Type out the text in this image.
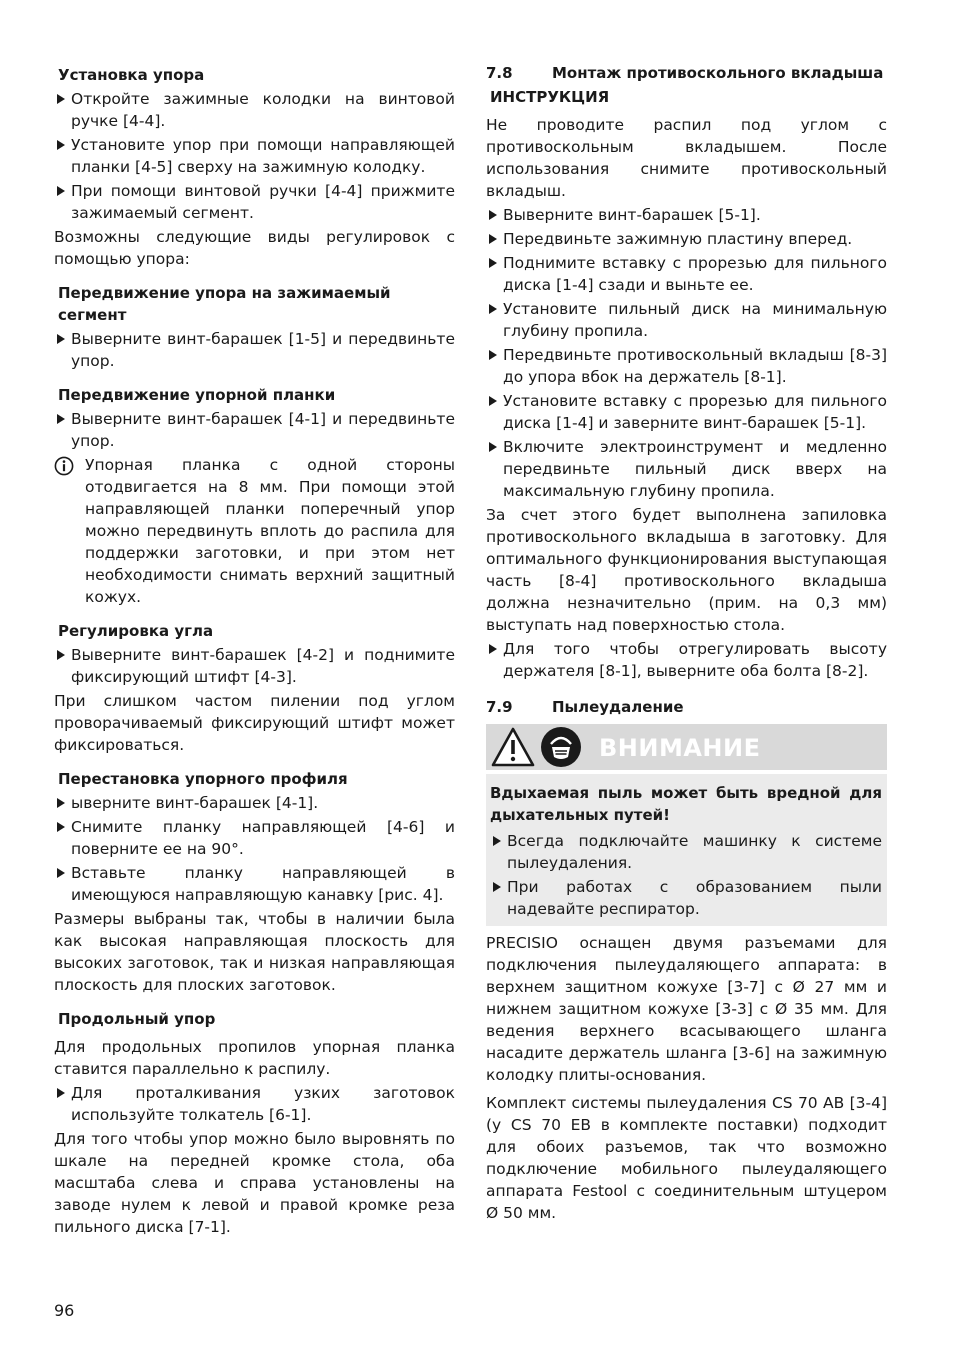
Установка упора

Откройте зажимные колодки на винтовой ручке [4-4].
Установите упор при помощи направляющей планки [4-5] сверху на зажимную колодку.
При помощи винтовой ручки [4-4] прижмите зажимаемый сегмент.

Возможны следующие виды регулировок с помощью упора:

Передвижение упора на зажимаемый сегмент

Выверните винт-барашек [1-5] и передвиньте упор.

Передвижение упорной планки

Выверните винт-барашек [4-1] и передвиньте упор.
Упорная планка с одной стороны отодвигается на 8 мм. При помощи этой направляющей планки поперечный упор можно передвинуть вплоть до распила для поддержки заготовки, и при этом нет необходимости снимать верхний защитный кожух.

Регулировка угла

Выверните винт-барашек [4-2] и поднимите фиксирующий штифт [4-3].

При слишком частом пилении под углом проворачиваемый фиксирующий штифт может фиксироваться.

Перестановка упорного профиля

ыверните винт-барашек [4-1].
Снимите планку направляющей [4-6] и поверните ее на 90°.
Вставьте планку направляющей в имеющуюся направляющую канавку [рис. 4].

Размеры выбраны так, чтобы в наличии была как высокая направляющая плоскость для высоких заготовок, так и низкая направляющая плоскость для плоских заготовок.

Продольный упор

Для продольных пропилов упорная планка ставится параллельно к распилу.

Для проталкивания узких заготовок используйте толкатель [6-1].

Для того чтобы упор можно было выровнять по шкале на передней кромке стола, оба масштаба слева и справа установлены на заводе нулем к левой и правой кромке реза пильного диска [7-1].

7.8	Монтаж противоскольного вкладыша

ИНСТРУКЦИЯ

Не проводите распил под углом с противоскольным вкладышем. После использования снимите противоскольный вкладыш.

Выверните винт-барашек [5-1].
Передвиньте зажимную пластину вперед.
Поднимите вставку с прорезью для пильного диска [1-4] сзади и выньте ее.
Установите пильный диск на минимальную глубину пропила.
Передвиньте противоскольный вкладыш [8-3] до упора вбок на держатель [8-1].
Установите вставку с прорезью для пильного диска [1-4] и заверните винт-барашек [5-1].
Включите электроинструмент и медленно передвиньте пильный диск вверх на максимальную глубину пропила.

За счет этого будет выполнена запиловка противоскольного вкладыша в заготовку. Для оптимального функционирования выступающая часть [8-4] противоскольного вкладыша должна незначительно (прим. на 0,3 мм) выступать над поверхностью стола.

Для того чтобы отрегулировать высоту держателя [8-1], выверните оба болта [8-2].
7.9	Пылеудаление
ВНИМАНИЕ

Вдыхаемая пыль может быть вредной для дыхательных путей!

Всегда подключайте машинку к системе пылеудаления.
При работах с образованием пыли надевайте респиратор.

PRECISIO оснащен двумя разъемами для подключения пылеудаляющего аппарата: в верхнем защитном кожухе [3-7] с Ø 27 мм и нижнем защитном кожухе [3-3] с Ø 35 мм. Для ведения верхнего всасывающего шланга насадите держатель шланга [3-6] на зажимную колодку плиты-основания.

Комплект системы пылеудаления CS 70 AB [3-4] (у CS 70 EB в комплекте поставки) подходит для обоих разъемов, так что возможно подключение мобильного пылеудаляющего аппарата Festool с соединительным штуцером Ø 50 мм.

96
